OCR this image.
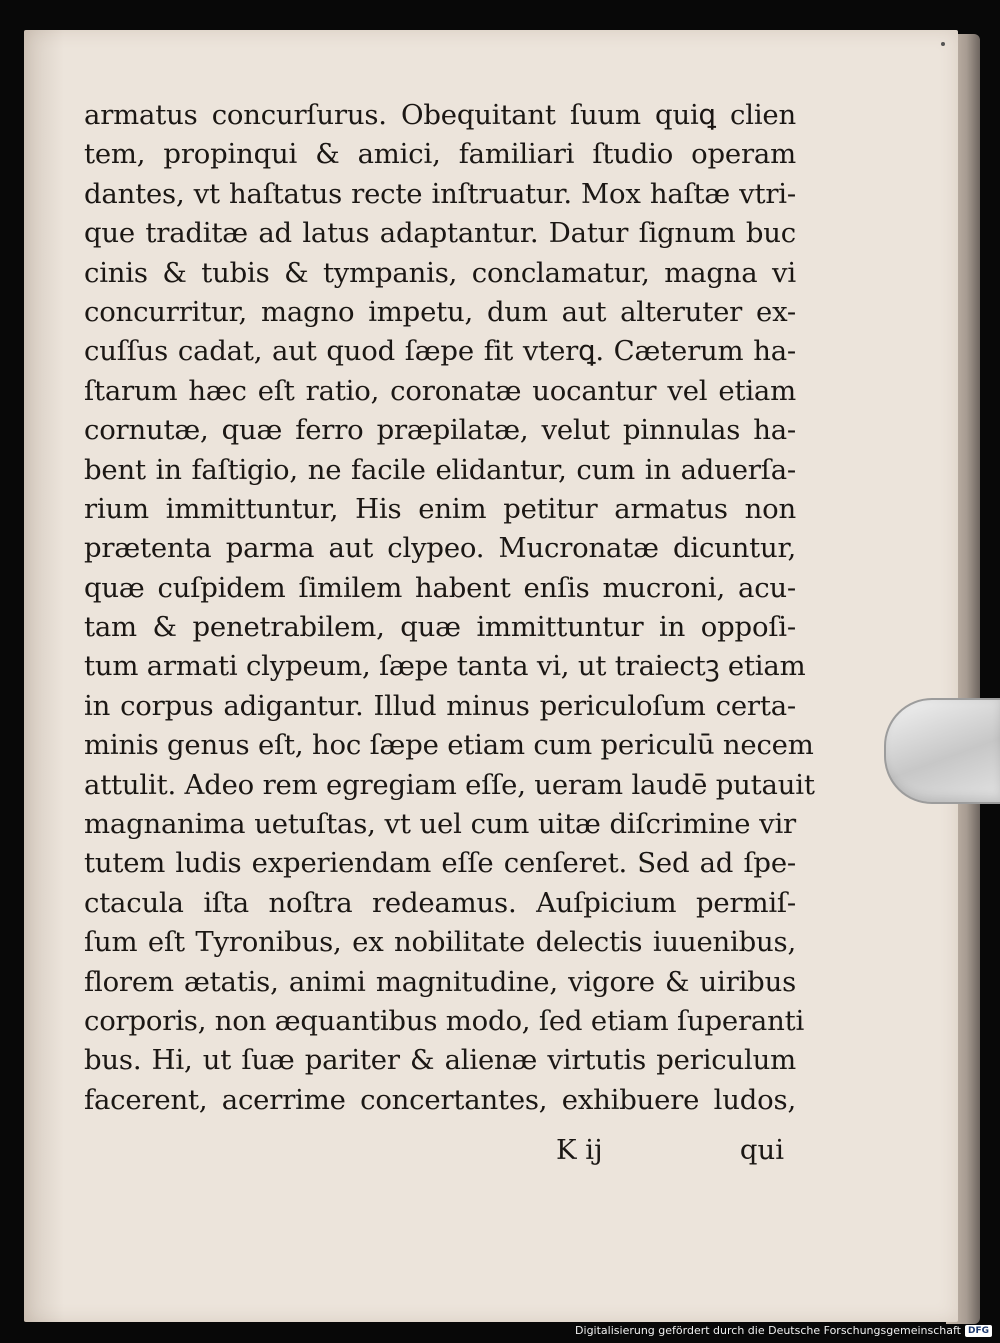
armatus concurſurus. Obequitant ſuum quiꝗ clien
tem, propinqui & amici, familiari ſtudio operam
dantes, vt haſtatus recte inſtruatur. Mox haſtæ vtri-
que traditæ ad latus adaptantur. Datur ſignum buc
cinis & tubis & tympanis, conclamatur, magna vi
concurritur, magno impetu, dum aut alteruter ex-
cuſſus cadat, aut quod ſæpe fit vterꝗ. Cæterum ha-
ſtarum hæc eſt ratio, coronatæ uocantur vel etiam
cornutæ, quæ ferro præpilatæ, velut pinnulas ha-
bent in faſtigio, ne facile elidantur, cum in aduerſa-
rium immittuntur, His enim petitur armatus non
prætenta parma aut clypeo. Mucronatæ dicuntur,
quæ cuſpidem ſimilem habent enſis mucroni, acu-
tam & penetrabilem, quæ immittuntur in oppoſi-
tum armati clypeum, ſæpe tanta vi, ut traiectꝫ etiam
in corpus adigantur. Illud minus periculoſum certa-
minis genus eſt, hoc ſæpe etiam cum periculū necem
attulit. Adeo rem egregiam eſſe, ueram laudē putauit
magnanima uetuſtas, vt uel cum uitæ diſcrimine vir
tutem ludis experiendam eſſe cenſeret. Sed ad ſpe-
ctacula iſta noſtra redeamus. Auſpicium permiſ-
ſum eſt Tyronibus, ex nobilitate delectis iuuenibus,
florem ætatis, animi magnitudine, vigore & uiribus
corporis, non æquantibus modo, ſed etiam ſuperanti
bus. Hi, ut ſuæ pariter & alienæ virtutis periculum
facerent, acerrime concertantes, exhibuere ludos,
K ij	qui
Digitalisierung gefördert durch die Deutsche Forschungsgemeinschaft DFG
